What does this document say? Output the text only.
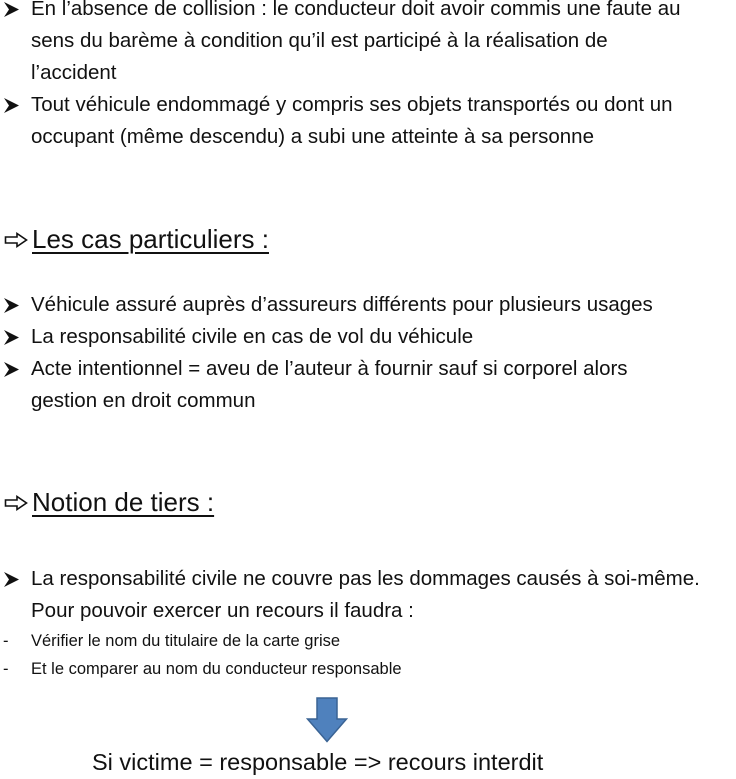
En l’absence de collision : le conducteur doit avoir commis une faute au
sens du barème à condition qu’il est participé à la réalisation de
l’accident
Tout véhicule endommagé y compris ses objets transportés ou dont un
occupant (même descendu) a subi une atteinte à sa personne
Les cas particuliers :
Véhicule assuré auprès d’assureurs différents pour plusieurs usages
La responsabilité civile en cas de vol du véhicule
Acte intentionnel = aveu de l’auteur à fournir sauf si corporel alors
gestion en droit commun
Notion de tiers :
La responsabilité civile ne couvre pas les dommages causés à soi-même.
Pour pouvoir exercer un recours il faudra :
- Vérifier le nom du titulaire de la carte grise
- Et le comparer au nom du conducteur responsable
Si victime = responsable => recours interdit
